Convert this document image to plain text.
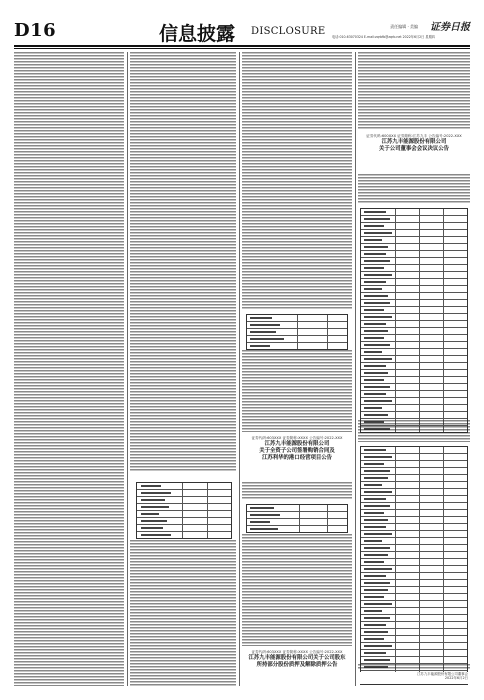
D16	信息披露 DISCLOSURE	责任编辑 · 美编 证券日报
电话:010-63070324 E-mail:zqrbfb@zqrb.net 2022年6月2日 星期四
证券代码:603XXX 证券简称:XXXX 公告编号:2022-XXX
江苏九丰能源股份有限公司
关于全资子公司签署购销合同及
江苏利华的港口经营项目公告
证券代码:603XXX 证券简称:XXXX 公告编号:2022-XXX
江苏九丰能源股份有限公司关于公司股东
所持部分股份质押及解除质押公告
证券代码:600XXX 证券简称:江苏九丰 公告编号:2022-XXX
江苏九丰能源股份有限公司
关于公司董事会会议决议公告
江苏九丰能源股份有限公司董事会
2022年6月2日
